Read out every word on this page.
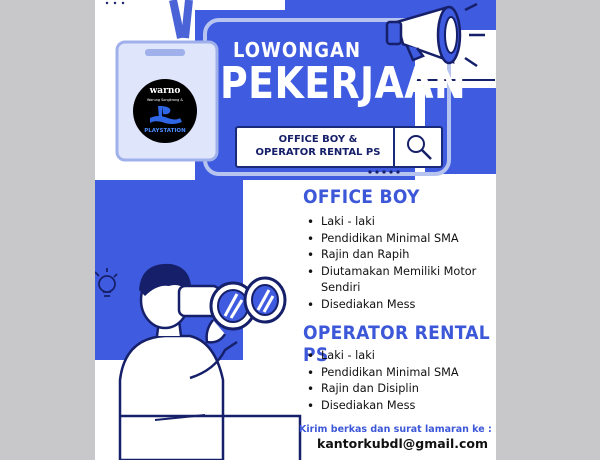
warno
Warung Songkrong &
PLAYSTATION
LOWONGAN
PEKERJAAN
OFFICE BOY &
OPERATOR RENTAL PS
OFFICE BOY
• Laki - laki
• Pendidikan Minimal SMA
• Rajin dan Rapih
• Diutamakan Memiliki Motor Sendiri
• Disediakan Mess
OPERATOR RENTAL PS
• Laki - laki
• Pendidikan Minimal SMA
• Rajin dan Disiplin
• Disediakan Mess
Kirim berkas dan surat lamaran ke :
kantorkubdl@gmail.com
